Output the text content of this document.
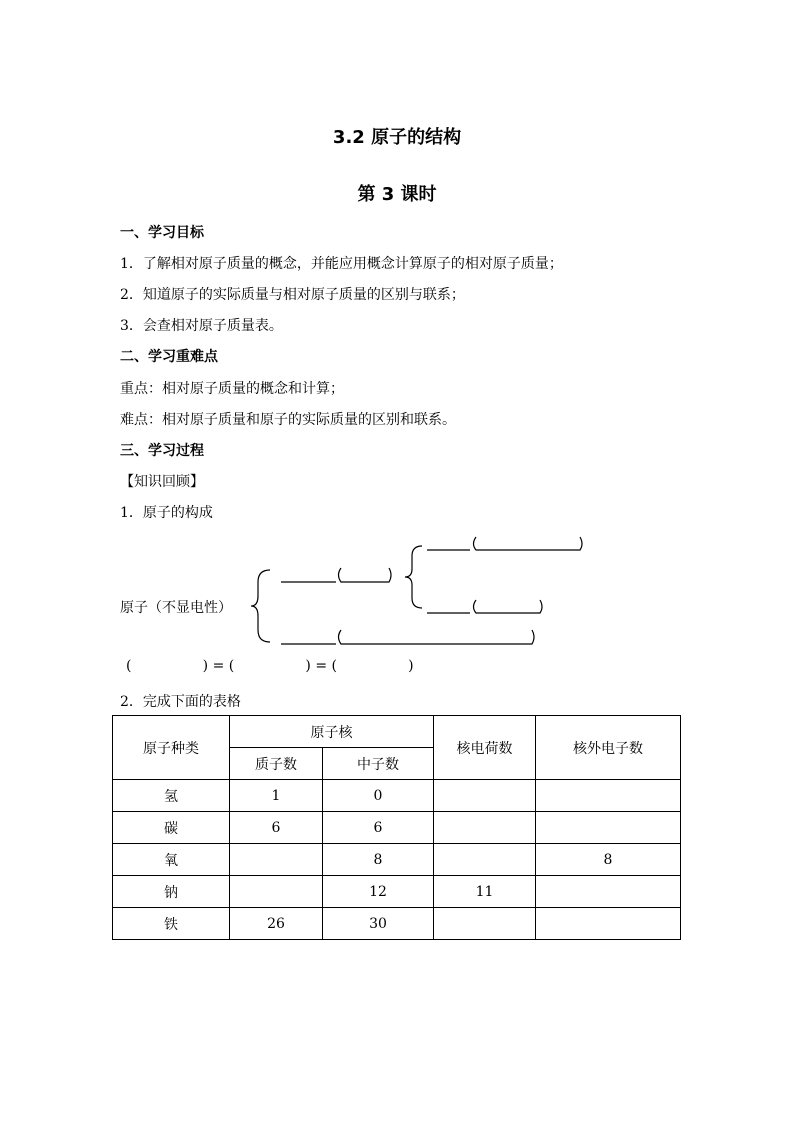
3.2 原子的结构
第 3 课时
一、学习目标
1．了解相对原子质量的概念，并能应用概念计算原子的相对原子质量；
2．知道原子的实际质量与相对原子质量的区别与联系；
3．会查相对原子质量表。
二、学习重难点
重点：相对原子质量的概念和计算；
难点：相对原子质量和原子的实际质量的区别和联系。
三、学习过程
【知识回顾】
1．原子的构成
原子（不显电性）
(                ) = (                ) = (                )
2．完成下面的表格
原子种类	原子核		核电荷数	核外电子数
	质子数	中子数		
氢	1	0		
碳	6	6		
氧		8		8
钠		12	11	
铁	26	30		
